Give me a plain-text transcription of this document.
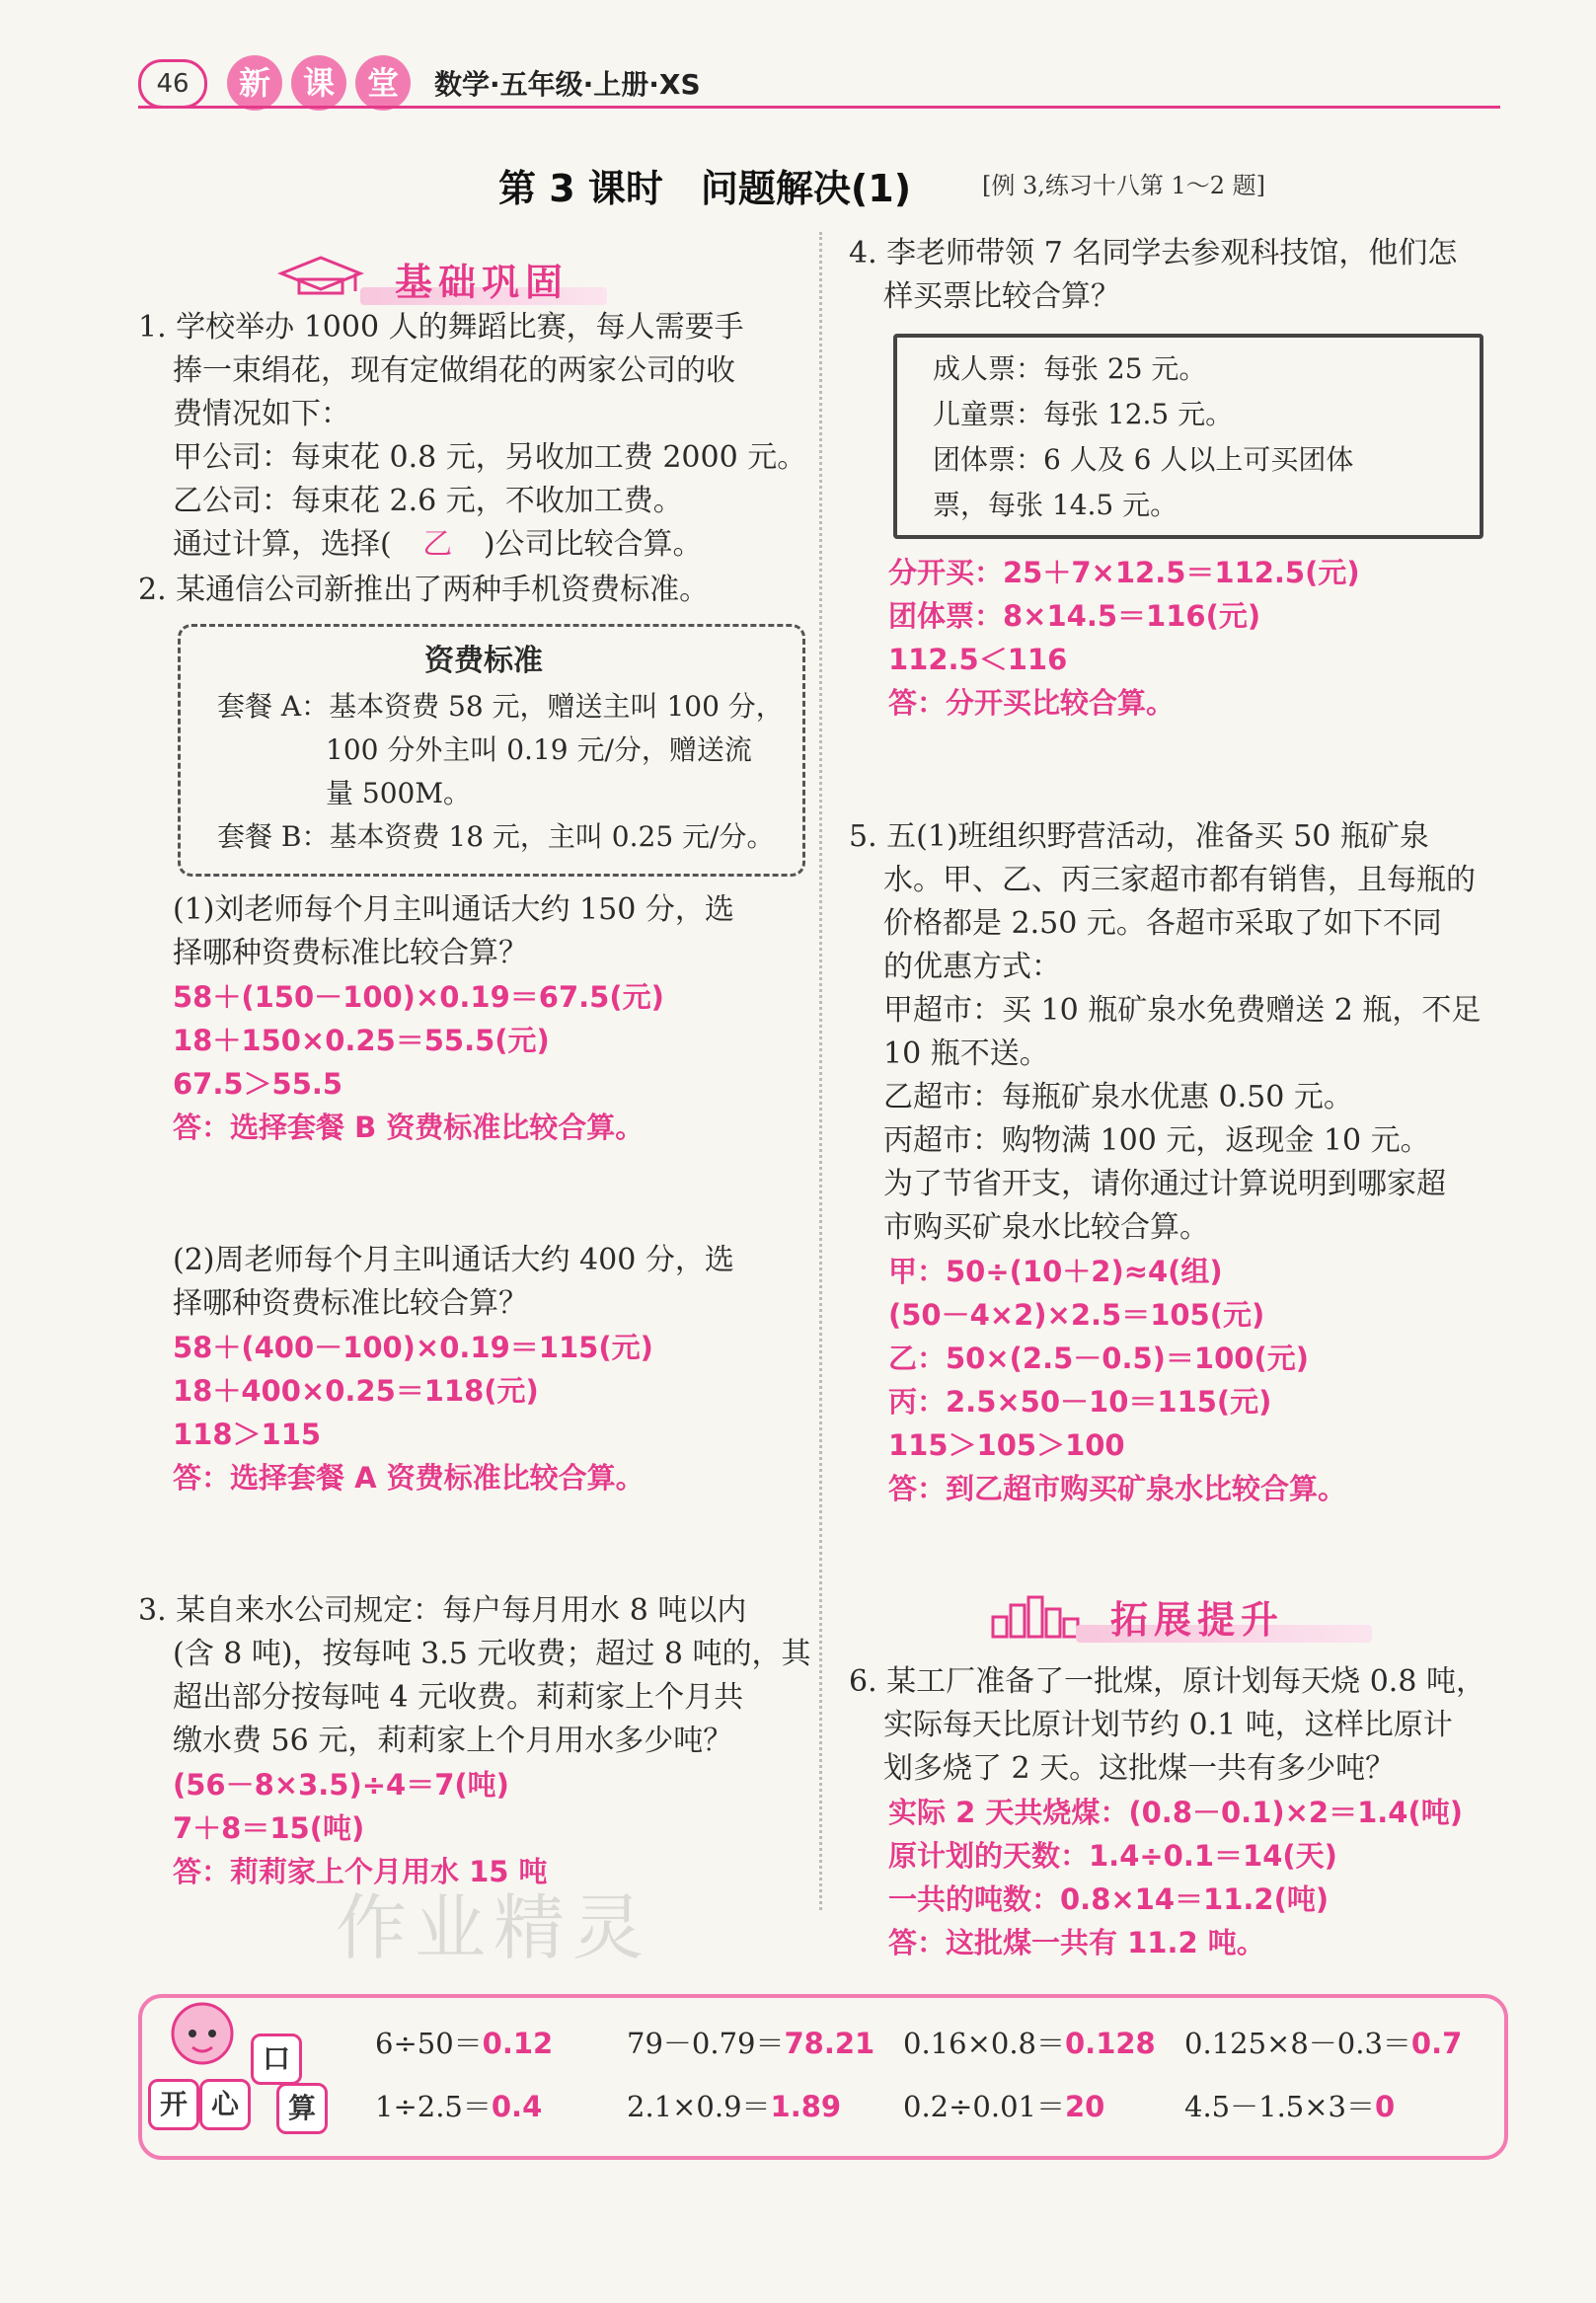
46	新	课	堂	数学·五年级·上册·XS
第 3 课时　问题解决(1)	[例 3,练习十八第 1～2 题]
基础巩固
1. 学校举办 1000 人的舞蹈比赛，每人需要手
捧一束绢花，现有定做绢花的两家公司的收
费情况如下：
甲公司：每束花 0.8 元，另收加工费 2000 元。
乙公司：每束花 2.6 元，不收加工费。
通过计算，选择( 乙 )公司比较合算。
2. 某通信公司新推出了两种手机资费标准。
资费标准
套餐 A：基本资费 58 元，赠送主叫 100 分，
100 分外主叫 0.19 元/分，赠送流
量 500M。
套餐 B：基本资费 18 元，主叫 0.25 元/分。
(1)刘老师每个月主叫通话大约 150 分，选
择哪种资费标准比较合算？
58＋(150－100)×0.19＝67.5(元)
18＋150×0.25＝55.5(元)
67.5＞55.5
答：选择套餐 B 资费标准比较合算。
(2)周老师每个月主叫通话大约 400 分，选
择哪种资费标准比较合算？
58＋(400－100)×0.19＝115(元)
18＋400×0.25＝118(元)
118＞115
答：选择套餐 A 资费标准比较合算。
3. 某自来水公司规定：每户每月用水 8 吨以内
(含 8 吨)，按每吨 3.5 元收费；超过 8 吨的，其
超出部分按每吨 4 元收费。莉莉家上个月共
缴水费 56 元，莉莉家上个月用水多少吨？
(56－8×3.5)÷4＝7(吨)
7＋8＝15(吨)
答：莉莉家上个月用水 15 吨
作业精灵
4. 李老师带领 7 名同学去参观科技馆，他们怎
样买票比较合算？
成人票：每张 25 元。
儿童票：每张 12.5 元。
团体票：6 人及 6 人以上可买团体
票，每张 14.5 元。
分开买：25＋7×12.5＝112.5(元)
团体票：8×14.5＝116(元)
112.5＜116
答：分开买比较合算。
5. 五(1)班组织野营活动，准备买 50 瓶矿泉
水。甲、乙、丙三家超市都有销售，且每瓶的
价格都是 2.50 元。各超市采取了如下不同
的优惠方式：
甲超市：买 10 瓶矿泉水免费赠送 2 瓶，不足
10 瓶不送。
乙超市：每瓶矿泉水优惠 0.50 元。
丙超市：购物满 100 元，返现金 10 元。
为了节省开支，请你通过计算说明到哪家超
市购买矿泉水比较合算。
甲：50÷(10＋2)≈4(组)
(50－4×2)×2.5＝105(元)
乙：50×(2.5－0.5)＝100(元)
丙：2.5×50－10＝115(元)
115＞105＞100
答：到乙超市购买矿泉水比较合算。
拓展提升
6. 某工厂准备了一批煤，原计划每天烧 0.8 吨，
实际每天比原计划节约 0.1 吨，这样比原计
划多烧了 2 天。这批煤一共有多少吨？
实际 2 天共烧煤：(0.8－0.1)×2＝1.4(吨)
原计划的天数：1.4÷0.1＝14(天)
一共的吨数：0.8×14＝11.2(吨)
答：这批煤一共有 11.2 吨。
开 心
口
算
6÷50＝0.12	79－0.79＝78.21 0.16×0.8＝0.128 0.125×8－0.3＝0.7
1÷2.5＝0.4	2.1×0.9＝1.89 0.2÷0.01＝20	4.5－1.5×3＝0
